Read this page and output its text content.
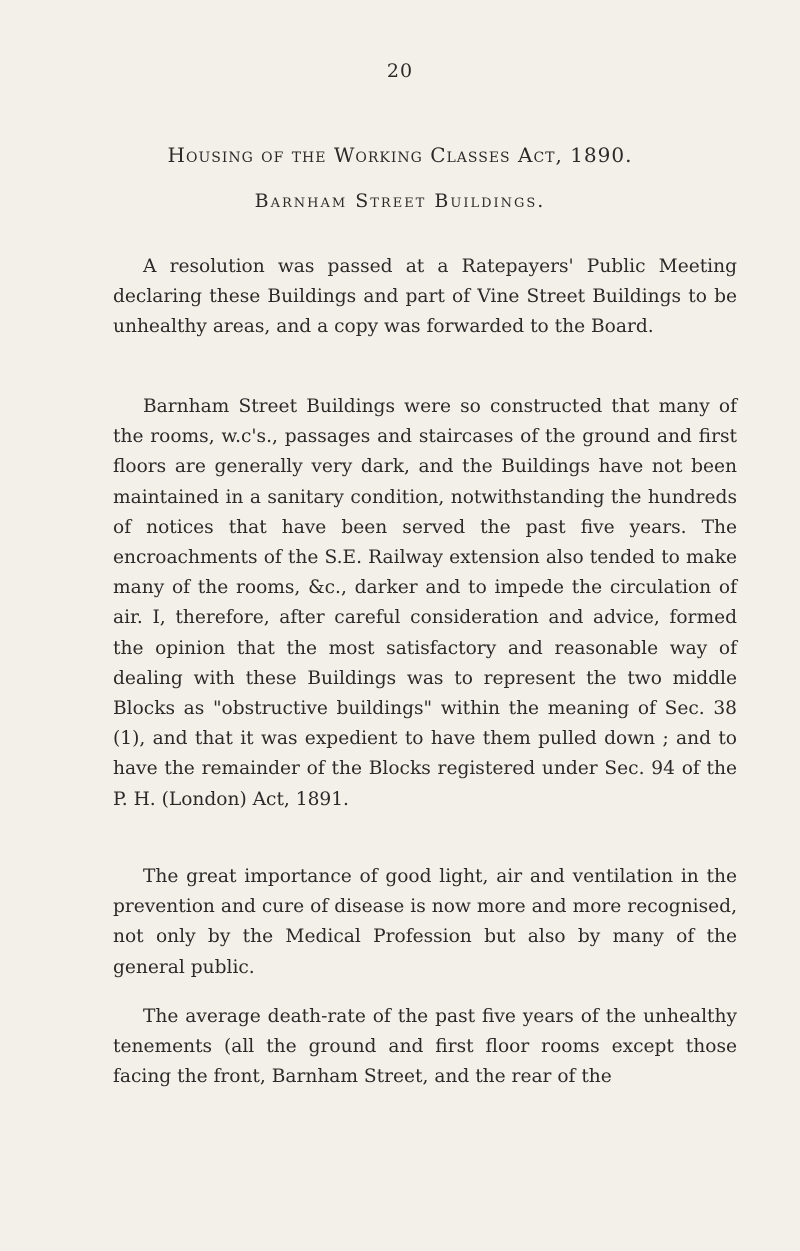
20
Housing of the Working Classes Act, 1890.
Barnham Street Buildings.

A resolution was passed at a Ratepayers' Public Meeting declaring these Buildings and part of Vine Street Buildings to be unhealthy areas, and a copy was forwarded to the Board.

Barnham Street Buildings were so constructed that many of the rooms, w.c's., passages and staircases of the ground and first floors are generally very dark, and the Buildings have not been maintained in a sanitary condition, notwithstanding the hundreds of notices that have been served the past five years. The encroachments of the S.E. Railway extension also tended to make many of the rooms, &c., darker and to impede the circulation of air. I, therefore, after careful consideration and advice, formed the opinion that the most satisfactory and reasonable way of dealing with these Buildings was to represent the two middle Blocks as "obstructive buildings" within the meaning of Sec. 38 (1), and that it was expedient to have them pulled down ; and to have the remainder of the Blocks registered under Sec. 94 of the P. H. (London) Act, 1891.

The great importance of good light, air and ventilation in the prevention and cure of disease is now more and more recognised, not only by the Medical Profession but also by many of the general public.

The average death-rate of the past five years of the unhealthy tenements (all the ground and first floor rooms except those facing the front, Barnham Street, and the rear of the
